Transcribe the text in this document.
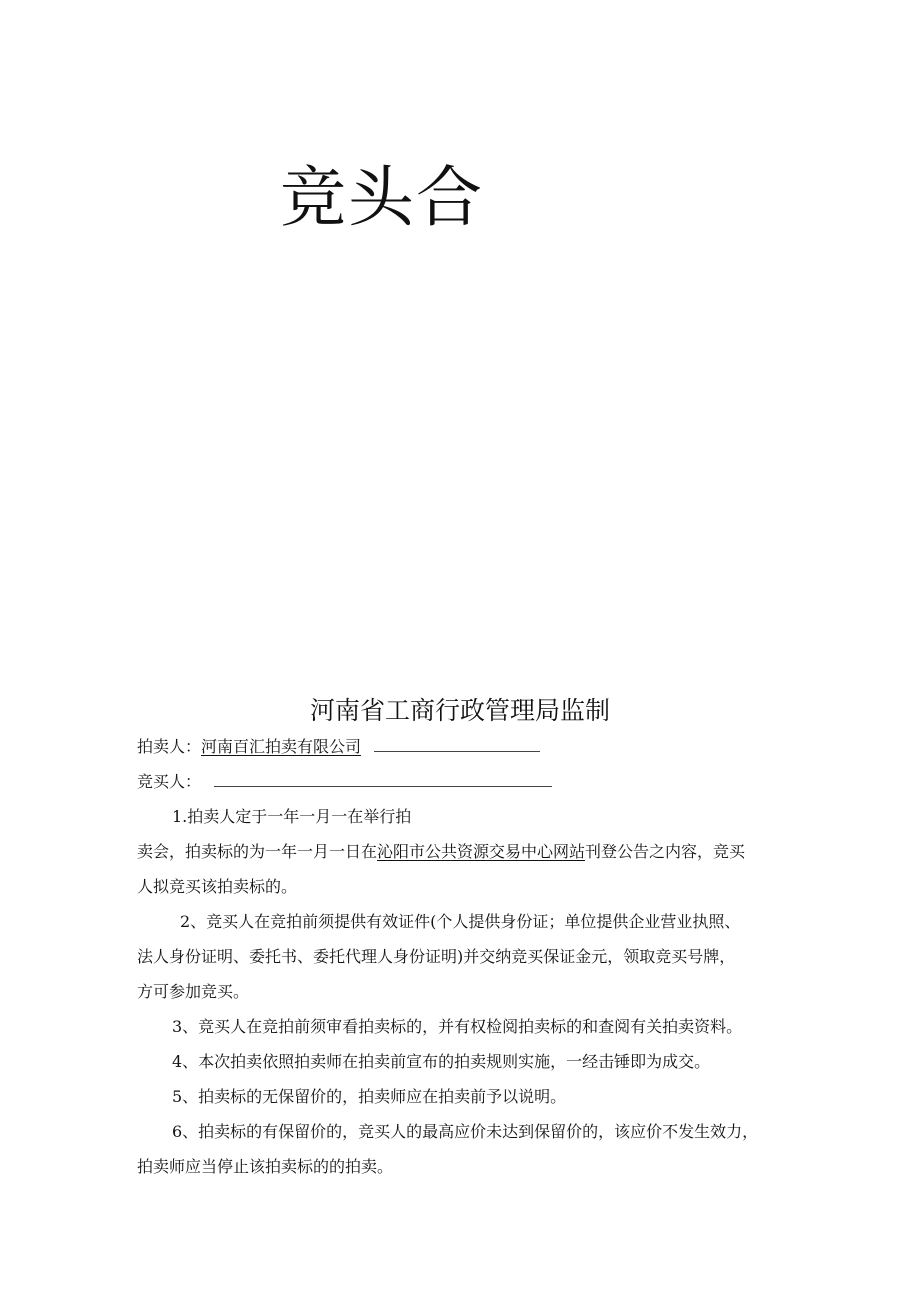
竞头合
河南省工商行政管理局监制
拍卖人：河南百汇拍卖有限公司
竞买人：
1.拍卖人定于一年一月一在举行拍
卖会，拍卖标的为一年一月一日在沁阳市公共资源交易中心网站刊登公告之内容，竞买
人拟竞买该拍卖标的。
2、竞买人在竞拍前须提供有效证件(个人提供身份证；单位提供企业营业执照、
法人身份证明、委托书、委托代理人身份证明)并交纳竞买保证金元，领取竞买号牌，
方可参加竞买。
3、竞买人在竞拍前须审看拍卖标的，并有权检阅拍卖标的和查阅有关拍卖资料。
4、本次拍卖依照拍卖师在拍卖前宣布的拍卖规则实施，一经击锤即为成交。
5、拍卖标的无保留价的，拍卖师应在拍卖前予以说明。
6、拍卖标的有保留价的，竞买人的最高应价未达到保留价的，该应价不发生效力，
拍卖师应当停止该拍卖标的的拍卖。
